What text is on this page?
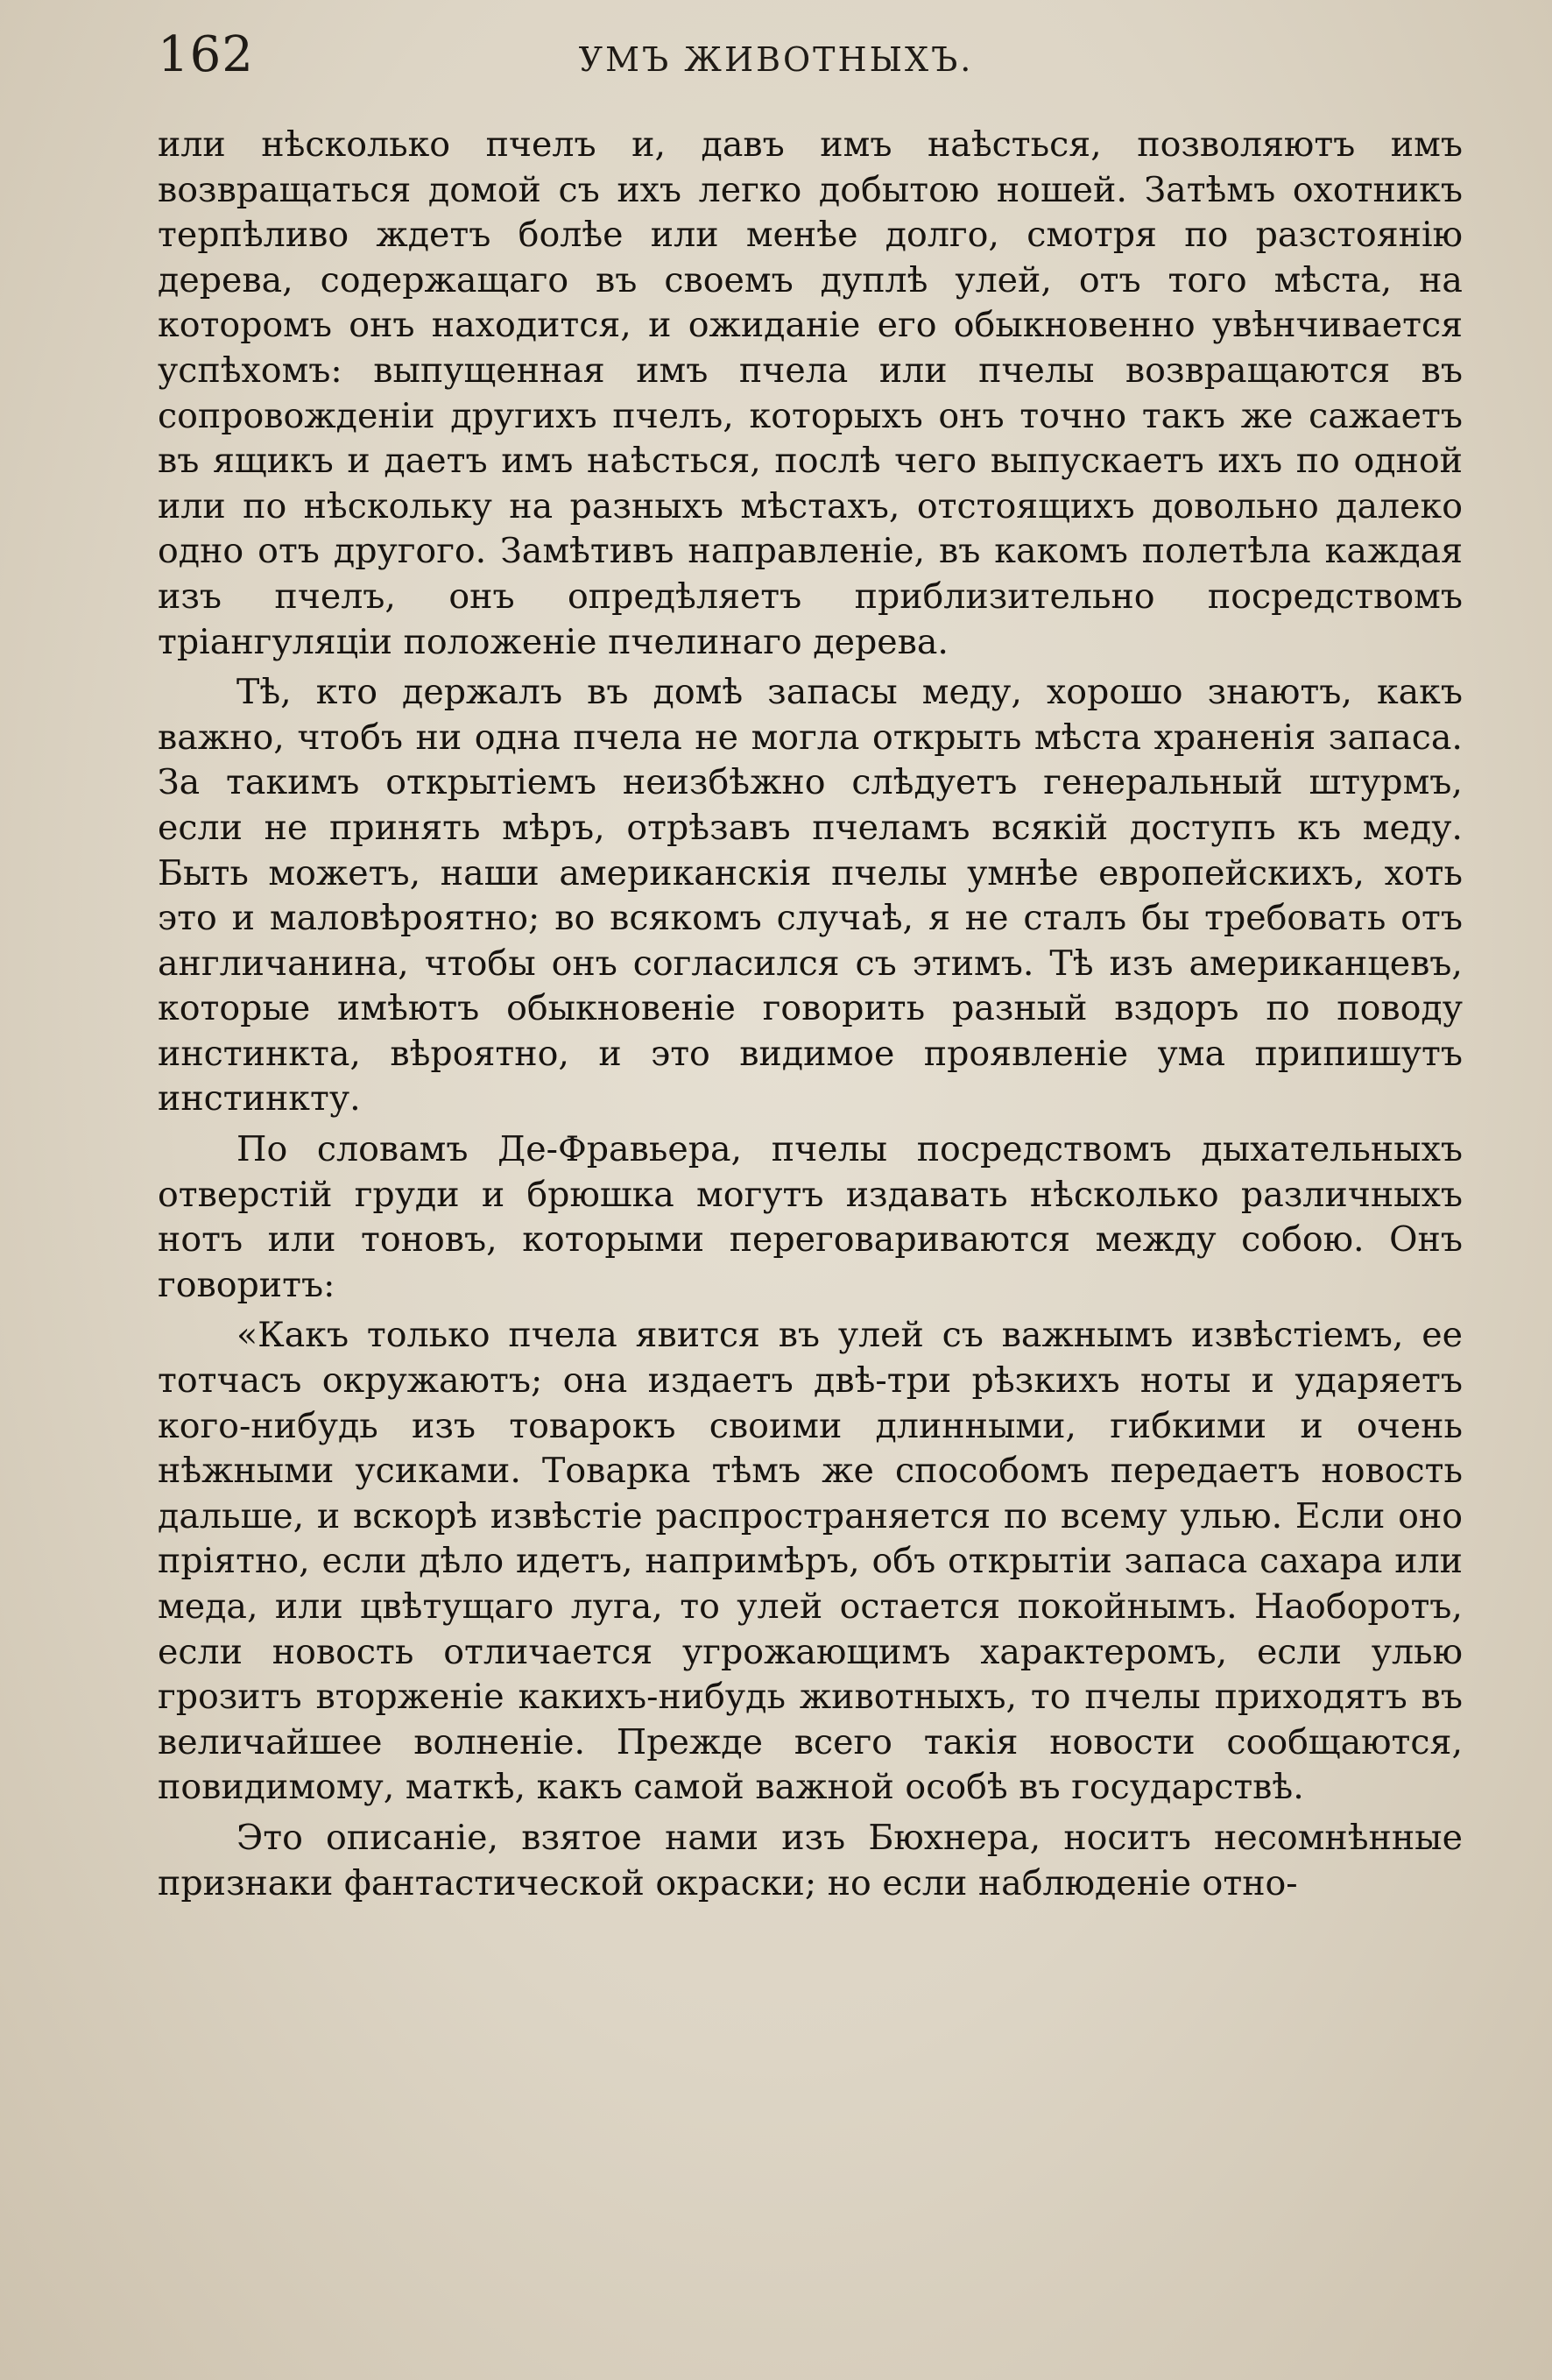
162	УМЪ ЖИВОТНЫХЪ.

или нѣсколько пчелъ и, давъ имъ наѣсться, позволяютъ имъ возвращаться домой съ ихъ легко добытою ношей. Затѣмъ охотникъ терпѣливо ждетъ болѣе или менѣе долго, смотря по разстоянію дерева, содержащаго въ своемъ дуплѣ улей, отъ того мѣста, на которомъ онъ находится, и ожиданіе его обыкновенно увѣнчивается успѣхомъ: выпущенная имъ пчела или пчелы возвращаются въ сопровожденіи другихъ пчелъ, которыхъ онъ точно такъ же сажаетъ въ ящикъ и даетъ имъ наѣсться, послѣ чего выпускаетъ ихъ по одной или по нѣскольку на разныхъ мѣстахъ, отстоящихъ довольно далеко одно отъ другого. Замѣтивъ направленіе, въ какомъ полетѣла каждая изъ пчелъ, онъ опредѣляетъ приблизительно посредствомъ тріангуляціи положеніе пчелинаго дерева.

Тѣ, кто держалъ въ домѣ запасы меду, хорошо знаютъ, какъ важно, чтобъ ни одна пчела не могла открыть мѣста храненія запаса. За такимъ открытіемъ неизбѣжно слѣдуетъ генеральный штурмъ, если не принять мѣръ, отрѣзавъ пчеламъ всякій доступъ къ меду. Быть можетъ, наши американскія пчелы умнѣе европейскихъ, хоть это и маловѣроятно; во всякомъ случаѣ, я не сталъ бы требовать отъ англичанина, чтобы онъ согласился съ этимъ. Тѣ изъ американцевъ, которые имѣютъ обыкновеніе говорить разный вздоръ по поводу инстинкта, вѣроятно, и это видимое проявленіе ума припишутъ инстинкту.

По словамъ Де-Фравьера, пчелы посредствомъ дыхательныхъ отверстій груди и брюшка могутъ издавать нѣсколько различныхъ нотъ или тоновъ, которыми переговариваются между собою. Онъ говоритъ:

«Какъ только пчела явится въ улей съ важнымъ извѣстіемъ, ее тотчасъ окружаютъ; она издаетъ двѣ-три рѣзкихъ ноты и ударяетъ кого-нибудь изъ товарокъ своими длинными, гибкими и очень нѣжными усиками. Товарка тѣмъ же способомъ передаетъ новость дальше, и вскорѣ извѣстіе распространяется по всему улью. Если оно пріятно, если дѣло идетъ, напримѣръ, объ открытіи запаса сахара или меда, или цвѣтущаго луга, то улей остается покойнымъ. Наоборотъ, если новость отличается угрожающимъ характеромъ, если улью грозитъ вторженіе какихъ-нибудь животныхъ, то пчелы приходятъ въ величайшее волненіе. Прежде всего такія новости сообщаются, повидимому, маткѣ, какъ самой важной особѣ въ государствѣ.

Это описаніе, взятое нами изъ Бюхнера, носитъ несомнѣнные признаки фантастической окраски; но если наблюденіе отно-
